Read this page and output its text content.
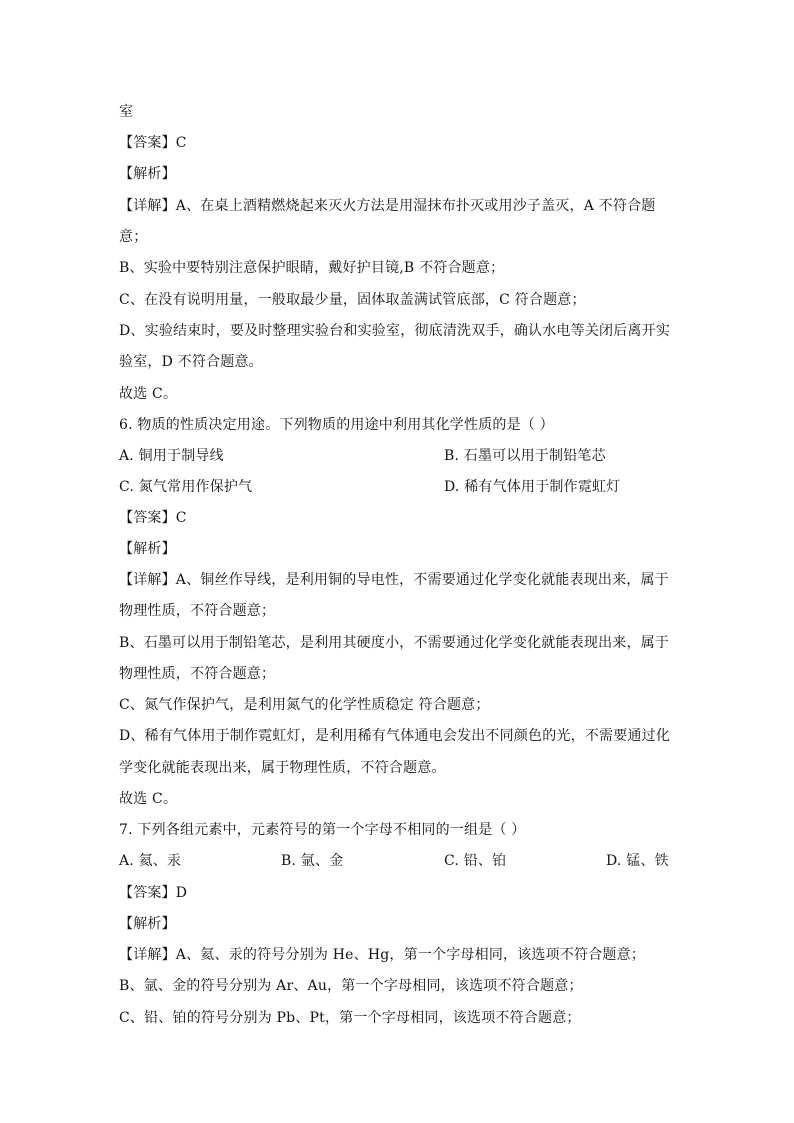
室
【答案】C
【解析】
【详解】A、在桌上酒精燃烧起来灭火方法是用湿抹布扑灭或用沙子盖灭，A 不符合题
意；
B、实验中要特别注意保护眼睛，戴好护目镜,B 不符合题意；
C、在没有说明用量，一般取最少量，固体取盖满试管底部，C 符合题意；
D、实验结束时，要及时整理实验台和实验室，彻底清洗双手，确认水电等关闭后离开实
验室，D 不符合题意。
故选 C。
6. 物质的性质决定用途。下列物质的用途中利用其化学性质的是（ ）
A. 铜用于制导线	B. 石墨可以用于制铅笔芯
C. 氮气常用作保护气	D. 稀有气体用于制作霓虹灯
【答案】C
【解析】
【详解】A、铜丝作导线，是利用铜的导电性，不需要通过化学变化就能表现出来，属于
物理性质，不符合题意；
B、石墨可以用于制铅笔芯，是利用其硬度小，不需要通过化学变化就能表现出来，属于
物理性质，不符合题意；
C、氮气作保护气，是利用氮气的化学性质稳定 符合题意；
D、稀有气体用于制作霓虹灯，是利用稀有气体通电会发出不同颜色的光，不需要通过化
学变化就能表现出来，属于物理性质，不符合题意。
故选 C。
7. 下列各组元素中，元素符号的第一个字母不相同的一组是（ ）
A. 氦、汞	B. 氩、金	C. 铅、铂	D. 锰、铁
【答案】D
【解析】
【详解】A、氦、汞的符号分别为 He、Hg，第一个字母相同，该选项不符合题意；
B、氩、金的符号分别为 Ar、Au，第一个字母相同，该选项不符合题意；
C、铅、铂的符号分别为 Pb、Pt，第一个字母相同，该选项不符合题意；
